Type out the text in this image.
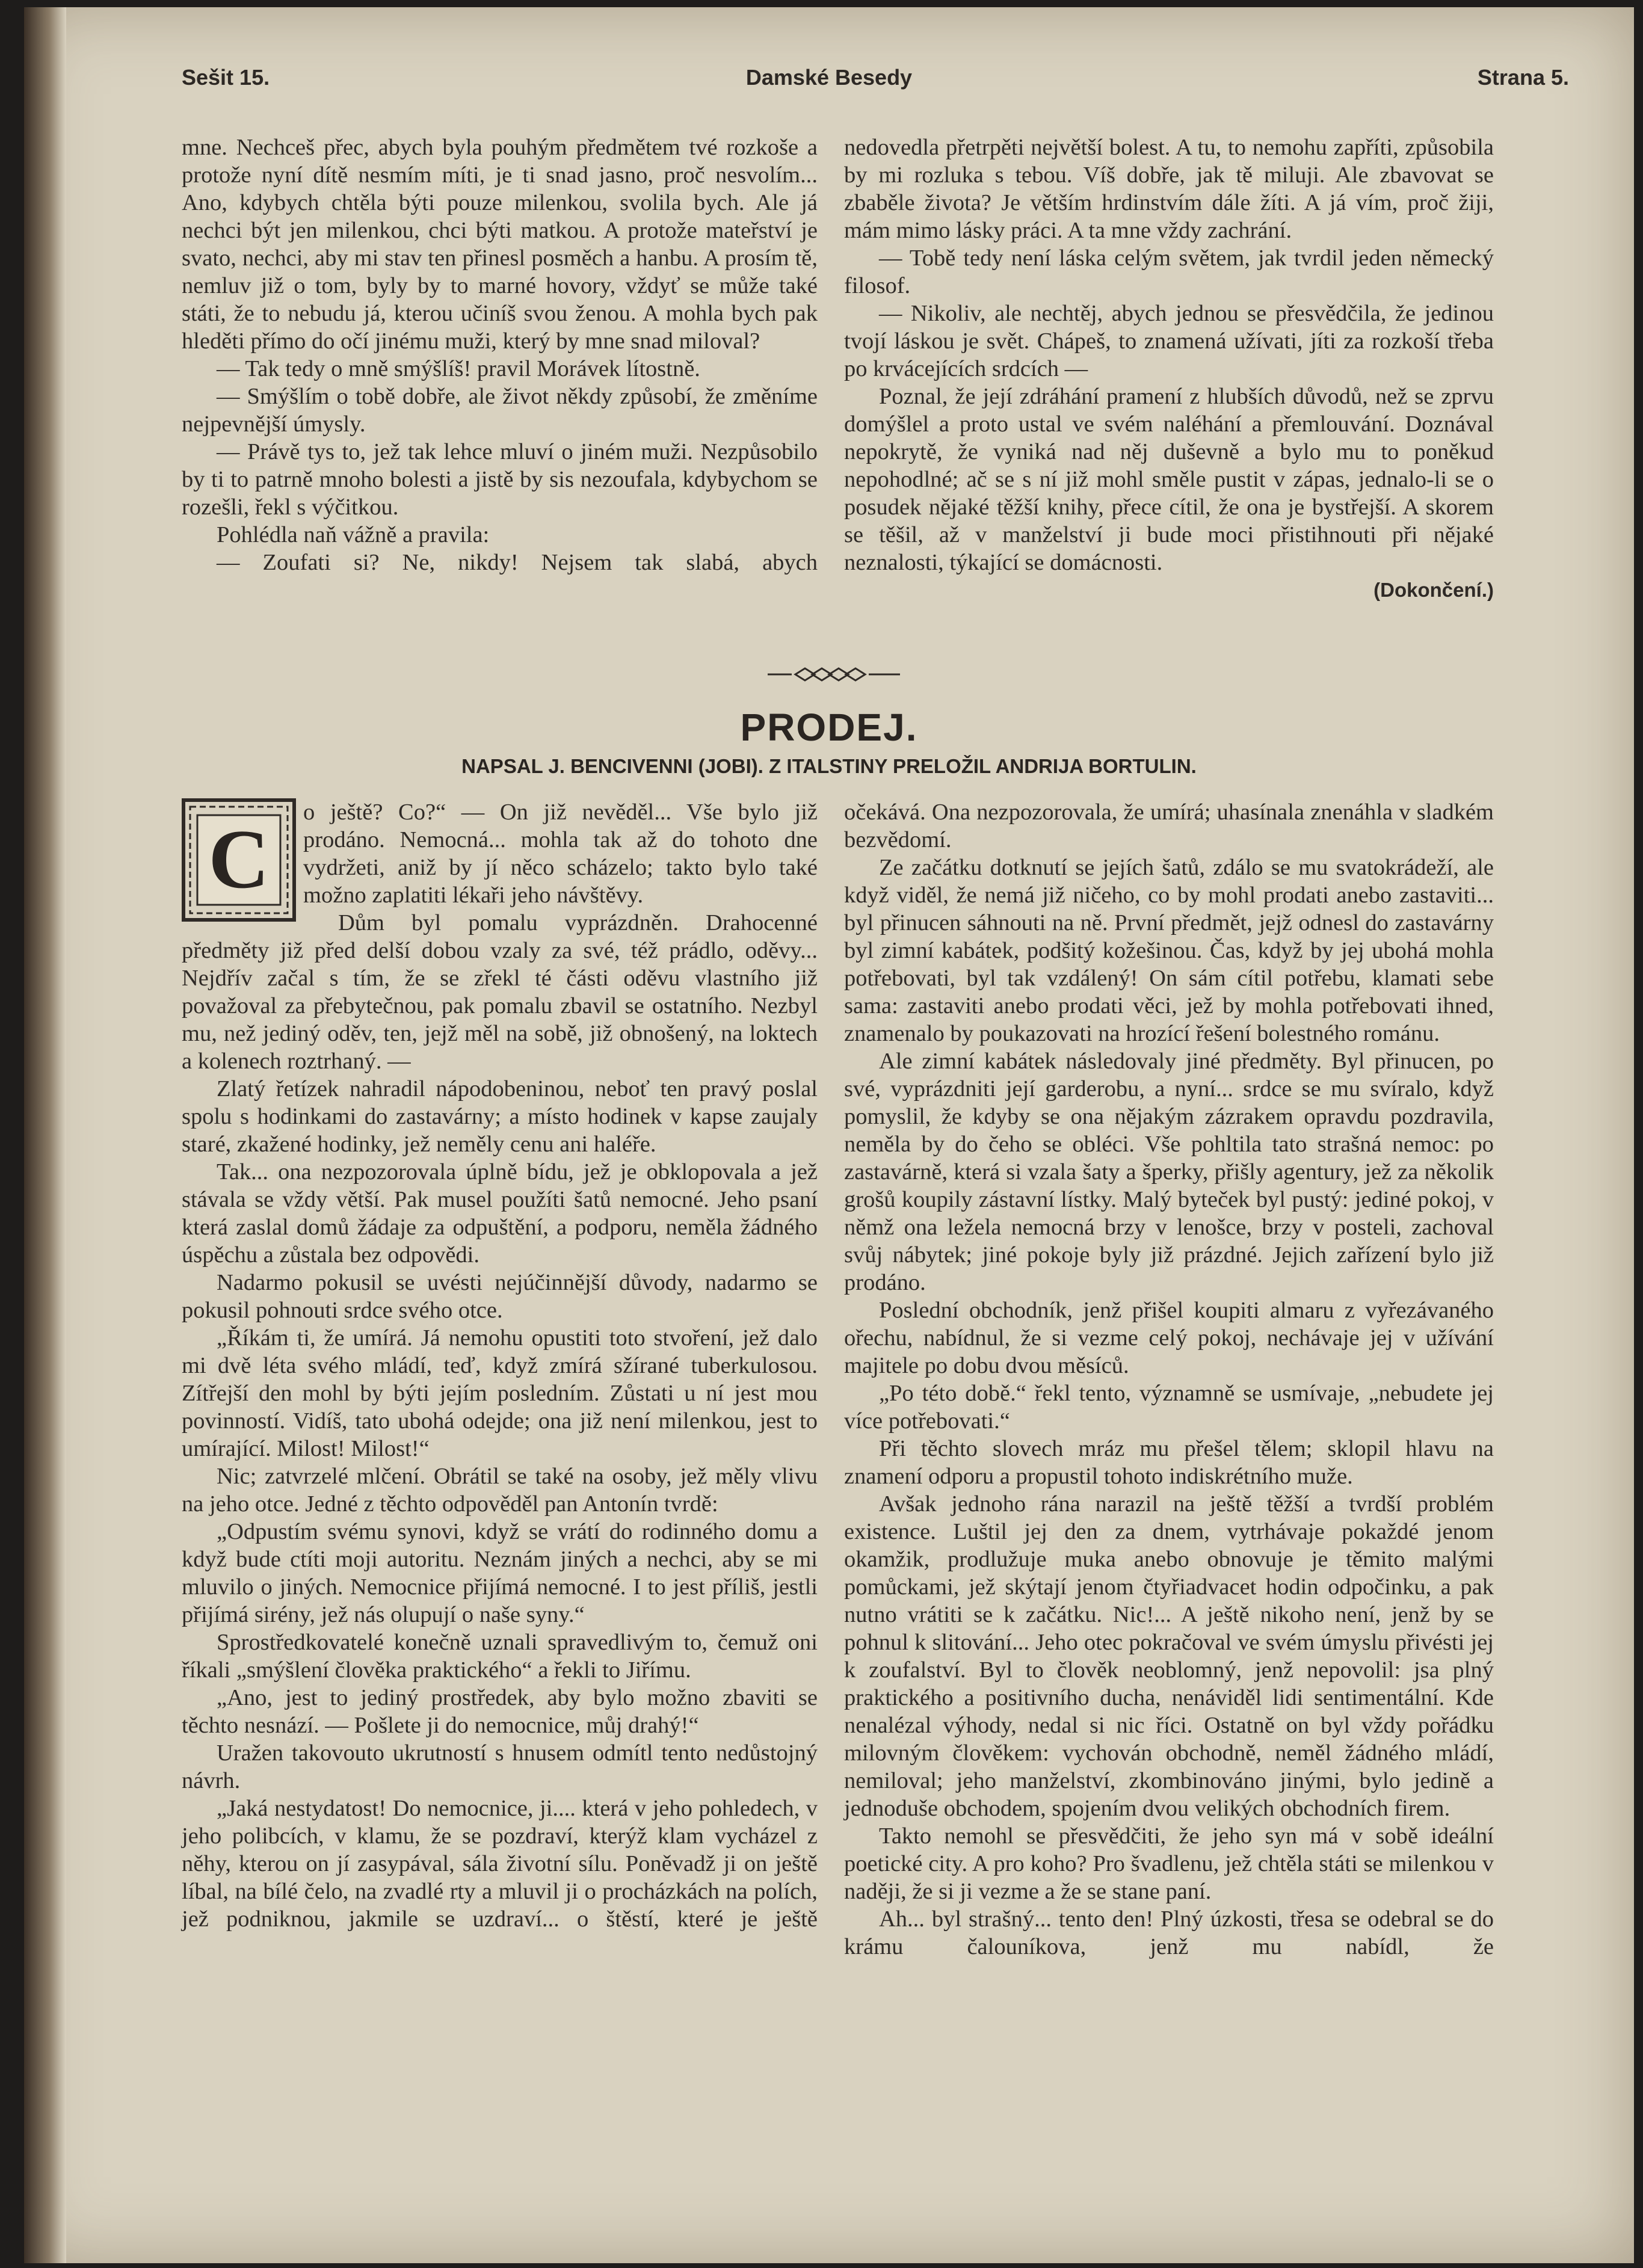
Sešit 15.	Damské Besedy	Strana 5.

mne. Nechceš přec, abych byla pouhým předmětem tvé rozkoše a protože nyní dítě nesmím míti, je ti snad jasno, proč nesvolím... Ano, kdybych chtěla býti pouze milenkou, svolila bych. Ale já nechci být jen milenkou, chci býti matkou. A protože mateřství je svato, nechci, aby mi stav ten přinesl posměch a hanbu. A prosím tě, nemluv již o tom, byly by to marné hovory, vždyť se může také státi, že to nebudu já, kterou učiníš svou ženou. A mohla bych pak hleděti přímo do očí jinému muži, který by mne snad miloval?

— Tak tedy o mně smýšlíš! pravil Morávek lítostně.

— Smýšlím o tobě dobře, ale život někdy způsobí, že změníme nejpevnější úmysly.

— Právě tys to, jež tak lehce mluví o jiném muži. Nezpůsobilo by ti to patrně mnoho bolesti a jistě by sis nezoufala, kdybychom se rozešli, řekl s výčitkou.

Pohlédla naň vážně a pravila:

— Zoufati si? Ne, nikdy! Nejsem tak slabá, abych

nedovedla přetrpěti největší bolest. A tu, to nemohu zapříti, způsobila by mi rozluka s tebou. Víš dobře, jak tě miluji. Ale zbavovat se zbaběle života? Je větším hrdinstvím dále žíti. A já vím, proč žiji, mám mimo lásky práci. A ta mne vždy zachrání.

— Tobě tedy není láska celým světem, jak tvrdil jeden německý filosof.

— Nikoliv, ale nechtěj, abych jednou se přesvědčila, že jedinou tvojí láskou je svět. Chápeš, to znamená užívati, jíti za rozkoší třeba po krvácejících srdcích —

Poznal, že její zdráhání pramení z hlubších důvodů, než se zprvu domýšlel a proto ustal ve svém naléhání a přemlouvání. Doznával nepokrytě, že vyniká nad něj duševně a bylo mu to poněkud nepohodlné; ač se s ní již mohl směle pustit v zápas, jednalo-li se o posudek nějaké těžší knihy, přece cítil, že ona je bystřejší. A skorem se těšil, až v manželství ji bude moci přistihnouti při nějaké neznalosti, týkající se domácnosti.

(Dokončení.)

PRODEJ.
NAPSAL J. BENCIVENNI (JOBI). Z ITALSTINY PRELOŽIL ANDRIJA BORTULIN.
C

o ještě? Co?“ — On již nevěděl... Vše bylo již prodáno. Nemocná... mohla tak až do tohoto dne vydržeti, aniž by jí něco scházelo; takto bylo také možno zaplatiti lékaři jeho návštěvy.

Dům byl pomalu vyprázdněn. Drahocenné předměty již před delší dobou vzaly za své, též prádlo, oděvy... Nejdřív začal s tím, že se zřekl té části oděvu vlastního již považoval za přebytečnou, pak pomalu zbavil se ostatního. Nezbyl mu, než jediný oděv, ten, jejž měl na sobě, již obnošený, na loktech a kolenech roztrhaný. —

Zlatý řetízek nahradil nápodobeninou, neboť ten pravý poslal spolu s hodinkami do zastavárny; a místo hodinek v kapse zaujaly staré, zkažené hodinky, jež neměly cenu ani haléře.

Tak... ona nezpozorovala úplně bídu, jež je obklopovala a jež stávala se vždy větší. Pak musel použíti šatů nemocné. Jeho psaní která zaslal domů žádaje za odpuštění, a podporu, neměla žádného úspěchu a zůstala bez odpovědi.

Nadarmo pokusil se uvésti nejúčinnější důvody, nadarmo se pokusil pohnouti srdce svého otce.

„Říkám ti, že umírá. Já nemohu opustiti toto stvoření, jež dalo mi dvě léta svého mládí, teď, když zmírá sžírané tuberkulosou. Zítřejší den mohl by býti jejím posledním. Zůstati u ní jest mou povinností. Vidíš, tato ubohá odejde; ona již není milenkou, jest to umírající. Milost! Milost!“

Nic; zatvrzelé mlčení. Obrátil se také na osoby, jež měly vlivu na jeho otce. Jedné z těchto odpověděl pan Antonín tvrdě:

„Odpustím svému synovi, když se vrátí do rodinného domu a když bude ctíti moji autoritu. Neznám jiných a nechci, aby se mi mluvilo o jiných. Nemocnice přijímá nemocné. I to jest příliš, jestli přijímá sirény, jež nás olupují o naše syny.“

Sprostředkovatelé konečně uznali spravedlivým to, čemuž oni říkali „smýšlení člověka praktického“ a řekli to Jiřímu.

„Ano, jest to jediný prostředek, aby bylo možno zbaviti se těchto nesnází. — Pošlete ji do nemocnice, můj drahý!“

Uražen takovouto ukrutností s hnusem odmítl tento nedůstojný návrh.

„Jaká nestydatost! Do nemocnice, ji.... která v jeho pohledech, v jeho polibcích, v klamu, že se pozdraví, kterýž klam vycházel z něhy, kterou on jí zasypával, sála životní sílu. Poněvadž ji on ještě líbal, na bílé čelo, na zvadlé rty a mluvil ji o procházkách na polích, jež podniknou, jakmile se uzdraví... o štěstí, které je ještě

očekává. Ona nezpozorovala, že umírá; uhasínala znenáhla v sladkém bezvědomí.

Ze začátku dotknutí se jejích šatů, zdálo se mu svatokrádeží, ale když viděl, že nemá již ničeho, co by mohl prodati anebo zastaviti... byl přinucen sáhnouti na ně. První předmět, jejž odnesl do zastavárny byl zimní kabátek, podšitý kožešinou. Čas, když by jej ubohá mohla potřebovati, byl tak vzdálený! On sám cítil potřebu, klamati sebe sama: zastaviti anebo prodati věci, jež by mohla potřebovati ihned, znamenalo by poukazovati na hrozící řešení bolestného románu.

Ale zimní kabátek následovaly jiné předměty. Byl přinucen, po své, vyprázdniti její garderobu, a nyní... srdce se mu svíralo, když pomyslil, že kdyby se ona nějakým zázrakem opravdu pozdravila, neměla by do čeho se obléci. Vše pohltila tato strašná nemoc: po zastavárně, která si vzala šaty a šperky, přišly agentury, jež za několik grošů koupily zástavní lístky. Malý byteček byl pustý: jediné pokoj, v němž ona ležela nemocná brzy v lenošce, brzy v posteli, zachoval svůj nábytek; jiné pokoje byly již prázdné. Jejich zařízení bylo již prodáno.

Poslední obchodník, jenž přišel koupiti almaru z vyřezávaného ořechu, nabídnul, že si vezme celý pokoj, nechávaje jej v užívání majitele po dobu dvou měsíců.

„Po této době.“ řekl tento, významně se usmívaje, „nebudete jej více potřebovati.“

Při těchto slovech mráz mu přešel tělem; sklopil hlavu na znamení odporu a propustil tohoto indiskrétního muže.

Avšak jednoho rána narazil na ještě těžší a tvrdší problém existence. Luštil jej den za dnem, vytrhávaje pokaždé jenom okamžik, prodlužuje muka anebo obnovuje je těmito malými pomůckami, jež skýtají jenom čtyřiadvacet hodin odpočinku, a pak nutno vrátiti se k začátku. Nic!... A ještě nikoho není, jenž by se pohnul k slitování... Jeho otec pokračoval ve svém úmyslu přivésti jej k zoufalství. Byl to člověk neoblomný, jenž nepovolil: jsa plný praktického a positivního ducha, nenáviděl lidi sentimentální. Kde nenalézal výhody, nedal si nic říci. Ostatně on byl vždy pořádku milovným člověkem: vychován obchodně, neměl žádného mládí, nemiloval; jeho manželství, zkombinováno jinými, bylo jedině a jednoduše obchodem, spojením dvou velikých obchodních firem.

Takto nemohl se přesvědčiti, že jeho syn má v sobě ideální poetické city. A pro koho? Pro švadlenu, jež chtěla státi se milenkou v naději, že si ji vezme a že se stane paní.

Ah... byl strašný... tento den! Plný úzkosti, třesa se odebral se do krámu čalouníkova, jenž mu nabídl, že
